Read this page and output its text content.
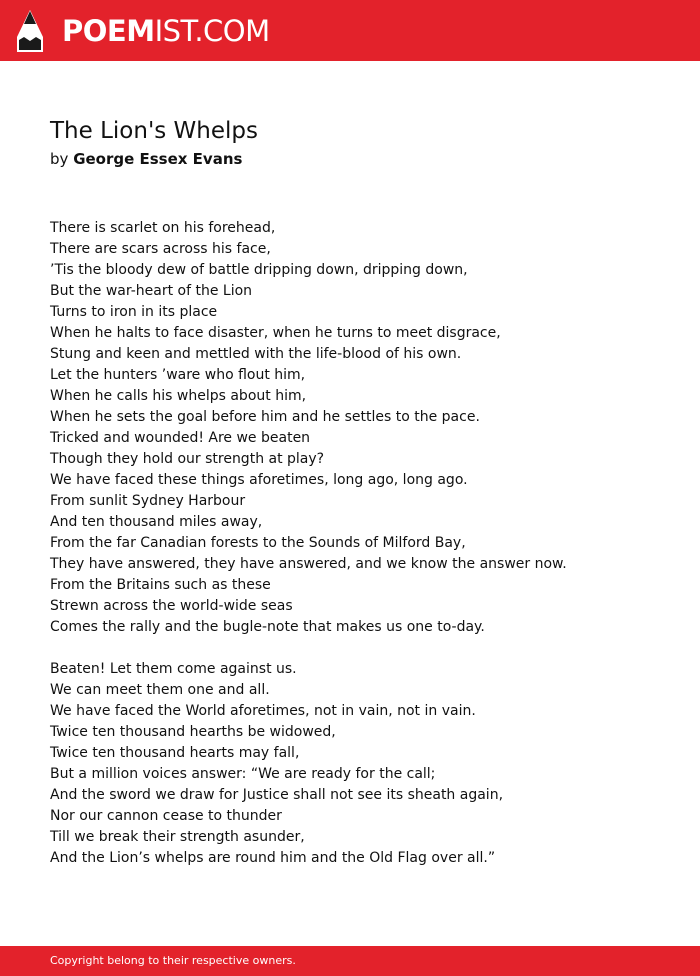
POEMIST.COM
The Lion's Whelps
by George Essex Evans
There is scarlet on his forehead,
There are scars across his face,
’Tis the bloody dew of battle dripping down, dripping down,
But the war-heart of the Lion
Turns to iron in its place
When he halts to face disaster, when he turns to meet disgrace,
Stung and keen and mettled with the life-blood of his own.
Let the hunters ’ware who flout him,
When he calls his whelps about him,
When he sets the goal before him and he settles to the pace.
Tricked and wounded! Are we beaten
Though they hold our strength at play?
We have faced these things aforetimes, long ago, long ago.
From sunlit Sydney Harbour
And ten thousand miles away,
From the far Canadian forests to the Sounds of Milford Bay,
They have answered, they have answered, and we know the answer now.
From the Britains such as these
Strewn across the world-wide seas
Comes the rally and the bugle-note that makes us one to-day.
Beaten! Let them come against us.
We can meet them one and all.
We have faced the World aforetimes, not in vain, not in vain.
Twice ten thousand hearths be widowed,
Twice ten thousand hearts may fall,
But a million voices answer: “We are ready for the call;
And the sword we draw for Justice shall not see its sheath again,
Nor our cannon cease to thunder
Till we break their strength asunder,
And the Lion’s whelps are round him and the Old Flag over all.”
Copyright belong to their respective owners.
